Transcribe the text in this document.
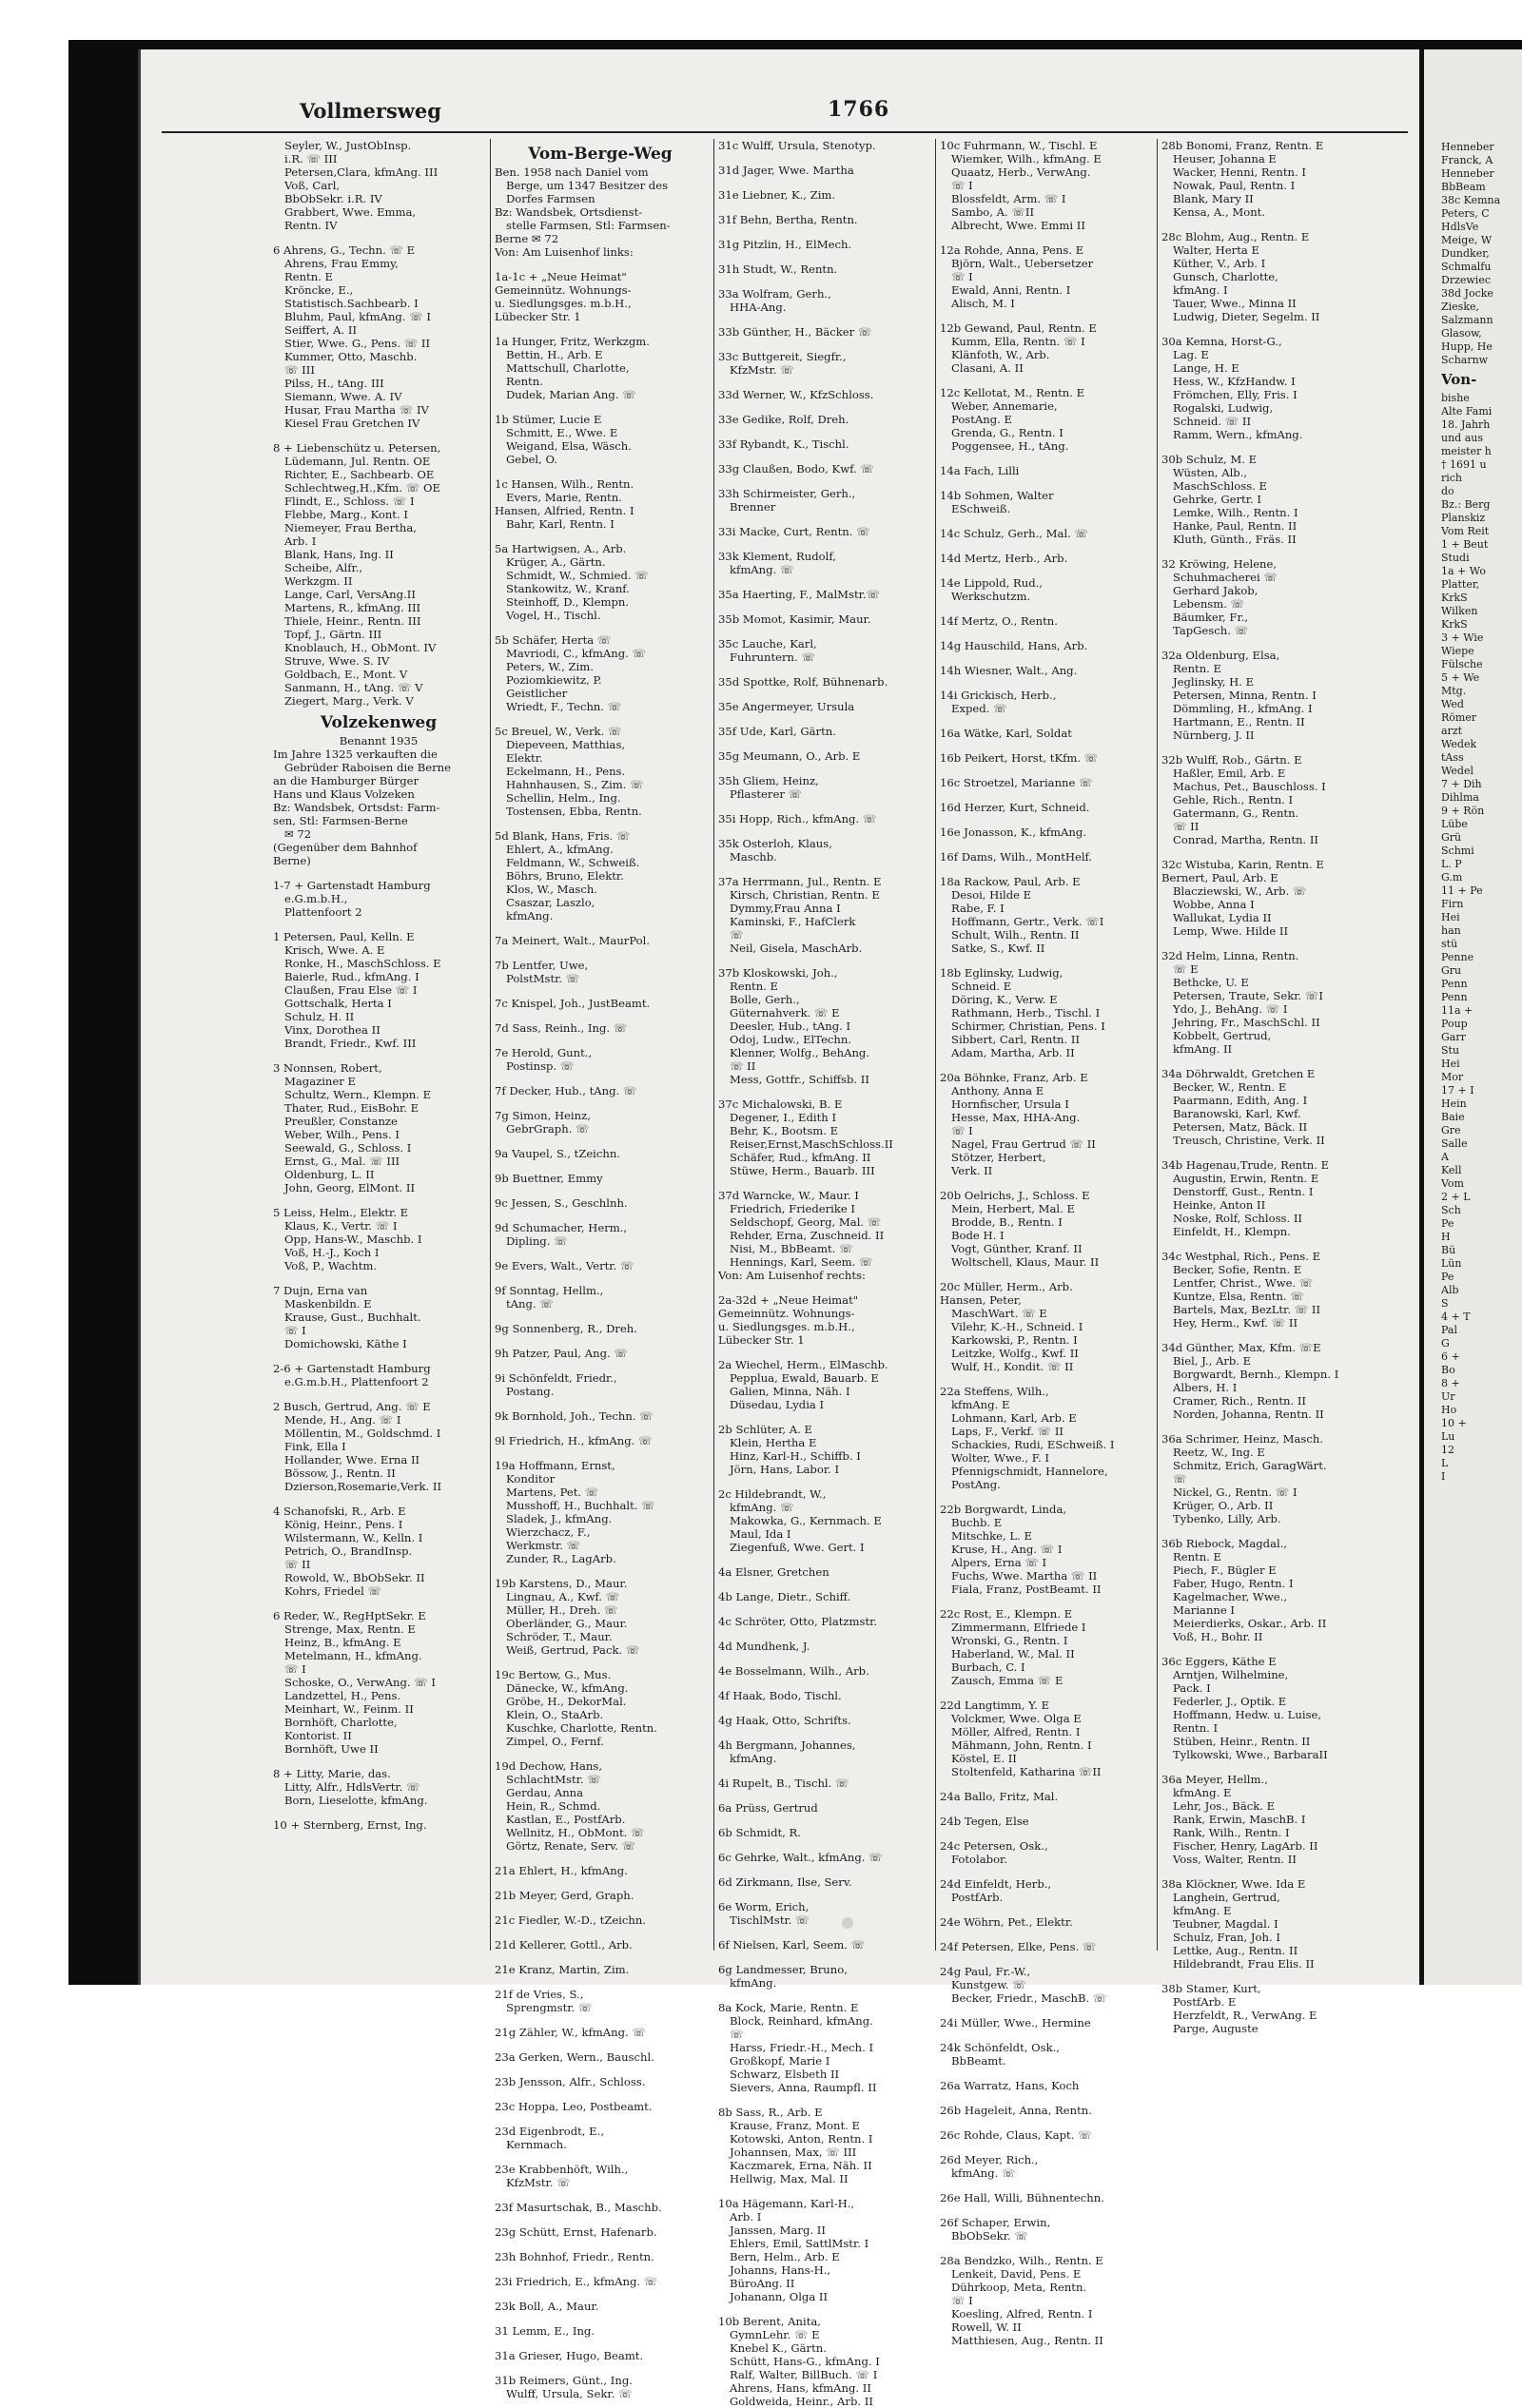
Vollmersweg	1766
Seyler, W., JustObInsp.
i.R. ☏ III
Petersen,Clara, kfmAng. III
Voß, Carl,
BbObSekr. i.R. IV
Grabbert, Wwe. Emma,
Rentn. IV
6 Ahrens, G., Techn. ☏ E
Ahrens, Frau Emmy,
Rentn. E
Kröncke, E.,
Statistisch.Sachbearb. I
Bluhm, Paul, kfmAng. ☏ I
Seiffert, A. II
Stier, Wwe. G., Pens. ☏ II
Kummer, Otto, Maschb.
☏ III
Pilss, H., tAng. III
Siemann, Wwe. A. IV
Husar, Frau Martha ☏ IV
Kiesel Frau Gretchen IV
8 + Liebenschütz u. Petersen,
Lüdemann, Jul. Rentn. OE
Richter, E., Sachbearb. OE
Schlechtweg,H.,Kfm. ☏ OE
Flindt, E., Schloss. ☏ I
Flebbe, Marg., Kont. I
Niemeyer, Frau Bertha,
Arb. I
Blank, Hans, Ing. II
Scheibe, Alfr.,
Werkzgm. II
Lange, Carl, VersAng.II
Martens, R., kfmAng. III
Thiele, Heinr., Rentn. III
Topf, J., Gärtn. III
Knoblauch, H., ObMont. IV
Struve, Wwe. S. IV
Goldbach, E., Mont. V
Sanmann, H., tAng. ☏ V
Ziegert, Marg., Verk. V
Volzekenweg
Benannt 1935
Im Jahre 1325 verkauften die
Gebrüder Raboisen die Berne
an die Hamburger Bürger
Hans und Klaus Volzeken
Bz: Wandsbek, Ortsdst: Farm-
sen, Stl: Farmsen-Berne
✉ 72
(Gegenüber dem Bahnhof
Berne)
1-7 + Gartenstadt Hamburg
e.G.m.b.H.,
Plattenfoort 2
1 Petersen, Paul, Kelln. E
Krisch, Wwe. A. E
Ronke, H., MaschSchloss. E
Baierle, Rud., kfmAng. I
Claußen, Frau Else ☏ I
Gottschalk, Herta I
Schulz, H. II
Vinx, Dorothea II
Brandt, Friedr., Kwf. III
3 Nonnsen, Robert,
Magaziner E
Schultz, Wern., Klempn. E
Thater, Rud., EisBohr. E
Preußler, Constanze
Weber, Wilh., Pens. I
Seewald, G., Schloss. I
Ernst, G., Mal. ☏ III
Oldenburg, L. II
John, Georg, ElMont. II
5 Leiss, Helm., Elektr. E
Klaus, K., Vertr. ☏ I
Opp, Hans-W., Maschb. I
Voß, H.-J., Koch I
Voß, P., Wachtm.
7 Dujn, Erna van
Maskenbildn. E
Krause, Gust., Buchhalt.
☏ I
Domichowski, Käthe I
2-6 + Gartenstadt Hamburg
e.G.m.b.H., Plattenfoort 2
2 Busch, Gertrud, Ang. ☏ E
Mende, H., Ang. ☏ I
Möllentin, M., Goldschmd. I
Fink, Ella I
Hollander, Wwe. Erna II
Bössow, J., Rentn. II
Dzierson,Rosemarie,Verk. II
4 Schanofski, R., Arb. E
König, Heinr., Pens. I
Wilstermann, W., Kelln. I
Petrich, O., BrandInsp.
☏ II
Rowold, W., BbObSekr. II
Kohrs, Friedel ☏
6 Reder, W., RegHptSekr. E
Strenge, Max, Rentn. E
Heinz, B., kfmAng. E
Metelmann, H., kfmAng.
☏ I
Schoske, O., VerwAng. ☏ I
Landzettel, H., Pens.
Meinhart, W., Feinm. II
Bornhöft, Charlotte,
Kontorist. II
Bornhöft, Uwe II
8 + Litty, Marie, das.
Litty, Alfr., HdlsVertr. ☏
Born, Lieselotte, kfmAng.
10 + Sternberg, Ernst, Ing.
Vom-Berge-Weg
Ben. 1958 nach Daniel vom
Berge, um 1347 Besitzer des
Dorfes Farmsen
Bz: Wandsbek, Ortsdienst-
stelle Farmsen, Stl: Farmsen-
Berne ✉ 72
Von: Am Luisenhof links:
1a-1c + „Neue Heimat"
Gemeinnütz. Wohnungs-
u. Siedlungsges. m.b.H.,
Lübecker Str. 1
1a Hunger, Fritz, Werkzgm.
Bettin, H., Arb. E
Mattschull, Charlotte,
Rentn.
Dudek, Marian Ang. ☏
1b Stümer, Lucie E
Schmitt, E., Wwe. E
Weigand, Elsa, Wäsch.
Gebel, O.
1c Hansen, Wilh., Rentn.
Evers, Marie, Rentn.
Hansen, Alfried, Rentn. I
Bahr, Karl, Rentn. I
5a Hartwigsen, A., Arb.
Krüger, A., Gärtn.
Schmidt, W., Schmied. ☏
Stankowitz, W., Kranf.
Steinhoff, D., Klempn.
Vogel, H., Tischl.
5b Schäfer, Herta ☏
Mavriodi, C., kfmAng. ☏
Peters, W., Zim.
Poziomkiewitz, P.
Geistlicher
Wriedt, F., Techn. ☏
5c Breuel, W., Verk. ☏
Diepeveen, Matthias,
Elektr.
Eckelmann, H., Pens.
Hahnhausen, S., Zim. ☏
Schellin, Helm., Ing.
Tostensen, Ebba, Rentn.
5d Blank, Hans, Fris. ☏
Ehlert, A., kfmAng.
Feldmann, W., Schweiß.
Böhrs, Bruno, Elektr.
Klos, W., Masch.
Csaszar, Laszlo,
kfmAng.
7a Meinert, Walt., MaurPol.
7b Lentfer, Uwe,
PolstMstr. ☏
7c Knispel, Joh., JustBeamt.
7d Sass, Reinh., Ing. ☏
7e Herold, Gunt.,
Postinsp. ☏
7f Decker, Hub., tAng. ☏
7g Simon, Heinz,
GebrGraph. ☏
9a Vaupel, S., tZeichn.
9b Buettner, Emmy
9c Jessen, S., Geschlnh.
9d Schumacher, Herm.,
Dipling. ☏
9e Evers, Walt., Vertr. ☏
9f Sonntag, Hellm.,
tAng. ☏
9g Sonnenberg, R., Dreh.
9h Patzer, Paul, Ang. ☏
9i Schönfeldt, Friedr.,
Postang.
9k Bornhold, Joh., Techn. ☏
9l Friedrich, H., kfmAng. ☏
19a Hoffmann, Ernst,
Konditor
Martens, Pet. ☏
Musshoff, H., Buchhalt. ☏
Sladek, J., kfmAng.
Wierzchacz, F.,
Werkmstr. ☏
Zunder, R., LagArb.
19b Karstens, D., Maur.
Lingnau, A., Kwf. ☏
Müller, H., Dreh. ☏
Oberländer, G., Maur.
Schröder, T., Maur.
Weiß, Gertrud, Pack. ☏
19c Bertow, G., Mus.
Dänecke, W., kfmAng.
Gröbe, H., DekorMal.
Klein, O., StaArb.
Kuschke, Charlotte, Rentn.
Zimpel, O., Fernf.
19d Dechow, Hans,
SchlachtMstr. ☏
Gerdau, Anna
Hein, R., Schmd.
Kastlan, E., PostfArb.
Wellnitz, H., ObMont. ☏
Görtz, Renate, Serv. ☏
21a Ehlert, H., kfmAng.
21b Meyer, Gerd, Graph.
21c Fiedler, W.-D., tZeichn.
21d Kellerer, Gottl., Arb.
21e Kranz, Martin, Zim.
21f de Vries, S.,
Sprengmstr. ☏
21g Zähler, W., kfmAng. ☏
23a Gerken, Wern., Bauschl.
23b Jensson, Alfr., Schloss.
23c Hoppa, Leo, Postbeamt.
23d Eigenbrodt, E.,
Kernmach.
23e Krabbenhöft, Wilh.,
KfzMstr. ☏
23f Masurtschak, B., Maschb.
23g Schütt, Ernst, Hafenarb.
23h Bohnhof, Friedr., Rentn.
23i Friedrich, E., kfmAng. ☏
23k Boll, A., Maur.
31 Lemm, E., Ing.
31a Grieser, Hugo, Beamt.
31b Reimers, Günt., Ing.
Wulff, Ursula, Sekr. ☏
31c Wulff, Ursula, Stenotyp.
31d Jager, Wwe. Martha
31e Liebner, K., Zim.
31f Behn, Bertha, Rentn.
31g Pitzlin, H., ElMech.
31h Studt, W., Rentn.
33a Wolfram, Gerh.,
HHA-Ang.
33b Günther, H., Bäcker ☏
33c Buttgereit, Siegfr.,
KfzMstr. ☏
33d Werner, W., KfzSchloss.
33e Gedike, Rolf, Dreh.
33f Rybandt, K., Tischl.
33g Claußen, Bodo, Kwf. ☏
33h Schirmeister, Gerh.,
Brenner
33i Macke, Curt, Rentn. ☏
33k Klement, Rudolf,
kfmAng. ☏
35a Haerting, F., MalMstr.☏
35b Momot, Kasimir, Maur.
35c Lauche, Karl,
Fuhruntern. ☏
35d Spottke, Rolf, Bühnenarb.
35e Angermeyer, Ursula
35f Ude, Karl, Gärtn.
35g Meumann, O., Arb. E
35h Gliem, Heinz,
Pflasterer ☏
35i Hopp, Rich., kfmAng. ☏
35k Osterloh, Klaus,
Maschb.
37a Herrmann, Jul., Rentn. E
Kirsch, Christian, Rentn. E
Dymmy,Frau Anna I
Kaminski, F., HafClerk
☏
Neil, Gisela, MaschArb.
37b Kloskowski, Joh.,
Rentn. E
Bolle, Gerh.,
Güternahverk. ☏ E
Deesler, Hub., tAng. I
Odoj, Ludw., ElTechn.
Klenner, Wolfg., BehAng.
☏ II
Mess, Gottfr., Schiffsb. II
37c Michalowski, B. E
Degener, I., Edith I
Behr, K., Bootsm. E
Reiser,Ernst,MaschSchloss.II
Schäfer, Rud., kfmAng. II
Stüwe, Herm., Bauarb. III
37d Warncke, W., Maur. I
Friedrich, Friederike I
Seldschopf, Georg, Mal. ☏
Rehder, Erna, Zuschneid. II
Nisi, M., BbBeamt. ☏
Hennings, Karl, Seem. ☏
Von: Am Luisenhof rechts:
2a-32d + „Neue Heimat"
Gemeinnütz. Wohnungs-
u. Siedlungsges. m.b.H.,
Lübecker Str. 1
2a Wiechel, Herm., ElMaschb.
Pepplua, Ewald, Bauarb. E
Galien, Minna, Näh. I
Düsedau, Lydia I
2b Schlüter, A. E
Klein, Hertha E
Hinz, Karl-H., Schiffb. I
Jörn, Hans, Labor. I
2c Hildebrandt, W.,
kfmAng. ☏
Makowka, G., Kernmach. E
Maul, Ida I
Ziegenfuß, Wwe. Gert. I
4a Elsner, Gretchen
4b Lange, Dietr., Schiff.
4c Schröter, Otto, Platzmstr.
4d Mundhenk, J.
4e Bosselmann, Wilh., Arb.
4f Haak, Bodo, Tischl.
4g Haak, Otto, Schrifts.
4h Bergmann, Johannes,
kfmAng.
4i Rupelt, B., Tischl. ☏
6a Prüss, Gertrud
6b Schmidt, R.
6c Gehrke, Walt., kfmAng. ☏
6d Zirkmann, Ilse, Serv.
6e Worm, Erich,
TischlMstr. ☏
6f Nielsen, Karl, Seem. ☏
6g Landmesser, Bruno,
kfmAng.
8a Kock, Marie, Rentn. E
Block, Reinhard, kfmAng.
☏
Harss, Friedr.-H., Mech. I
Großkopf, Marie I
Schwarz, Elsbeth II
Sievers, Anna, Raumpfl. II
8b Sass, R., Arb. E
Krause, Franz, Mont. E
Kotowski, Anton, Rentn. I
Johannsen, Max, ☏ III
Kaczmarek, Erna, Näh. II
Hellwig, Max, Mal. II
10a Hägemann, Karl-H.,
Arb. I
Janssen, Marg. II
Ehlers, Emil, SattlMstr. I
Bern, Helm., Arb. E
Johanns, Hans-H.,
BüroAng. II
Johanann, Olga II
10b Berent, Anita,
GymnLehr. ☏ E
Knebel K., Gärtn.
Schütt, Hans-G., kfmAng. I
Ralf, Walter, BillBuch. ☏ I
Ahrens, Hans, kfmAng. II
Goldweida, Heinr., Arb. II
10c Fuhrmann, W., Tischl. E
Wiemker, Wilh., kfmAng. E
Quaatz, Herb., VerwAng.
☏ I
Blossfeldt, Arm. ☏ I
Sambo, A. ☏II
Albrecht, Wwe. Emmi II
12a Rohde, Anna, Pens. E
Björn, Walt., Uebersetzer
☏ I
Ewald, Anni, Rentn. I
Alisch, M. I
12b Gewand, Paul, Rentn. E
Kumm, Ella, Rentn. ☏ I
Klänfoth, W., Arb.
Clasani, A. II
12c Kellotat, M., Rentn. E
Weber, Annemarie,
PostAng. E
Grenda, G., Rentn. I
Poggensee, H., tAng.
14a Fach, Lilli
14b Sohmen, Walter
ESchweiß.
14c Schulz, Gerh., Mal. ☏
14d Mertz, Herb., Arb.
14e Lippold, Rud.,
Werkschutzm.
14f Mertz, O., Rentn.
14g Hauschild, Hans, Arb.
14h Wiesner, Walt., Ang.
14i Grickisch, Herb.,
Exped. ☏
16a Wätke, Karl, Soldat
16b Peikert, Horst, tKfm. ☏
16c Stroetzel, Marianne ☏
16d Herzer, Kurt, Schneid.
16e Jonasson, K., kfmAng.
16f Dams, Wilh., MontHelf.
18a Rackow, Paul, Arb. E
Desoi, Hilde E
Rabe, F. I
Hoffmann, Gertr., Verk. ☏I
Schult, Wilh., Rentn. II
Satke, S., Kwf. II
18b Eglinsky, Ludwig,
Schneid. E
Döring, K., Verw. E
Rathmann, Herb., Tischl. I
Schirmer, Christian, Pens. I
Sibbert, Carl, Rentn. II
Adam, Martha, Arb. II
20a Böhnke, Franz, Arb. E
Anthony, Anna E
Hornfischer, Ursula I
Hesse, Max, HHA-Ang.
☏ I
Nagel, Frau Gertrud ☏ II
Stötzer, Herbert,
Verk. II
20b Oelrichs, J., Schloss. E
Mein, Herbert, Mal. E
Brodde, B., Rentn. I
Bode H. I
Vogt, Günther, Kranf. II
Woltschell, Klaus, Maur. II
20c Müller, Herm., Arb.
Hansen, Peter,
MaschWart. ☏ E
Vilehr, K.-H., Schneid. I
Karkowski, P., Rentn. I
Leitzke, Wolfg., Kwf. II
Wulf, H., Kondit. ☏ II
22a Steffens, Wilh.,
kfmAng. E
Lohmann, Karl, Arb. E
Laps, F., Verkf. ☏ II
Schackies, Rudi, ESchweiß. I
Wolter, Wwe., F. I
Pfennigschmidt, Hannelore,
PostAng.
22b Borgwardt, Linda,
Buchb. E
Mitschke, L. E
Kruse, H., Ang. ☏ I
Alpers, Erna ☏ I
Fuchs, Wwe. Martha ☏ II
Fiala, Franz, PostBeamt. II
22c Rost, E., Klempn. E
Zimmermann, Elfriede I
Wronski, G., Rentn. I
Haberland, W., Mal. II
Burbach, C. I
Zausch, Emma ☏ E
22d Langtimm, Y. E
Volckmer, Wwe. Olga E
Möller, Alfred, Rentn. I
Mähmann, John, Rentn. I
Köstel, E. II
Stoltenfeld, Katharina ☏II
24a Ballo, Fritz, Mal.
24b Tegen, Else
24c Petersen, Osk.,
Fotolabor.
24d Einfeldt, Herb.,
PostfArb.
24e Wöhrn, Pet., Elektr.
24f Petersen, Elke, Pens. ☏
24g Paul, Fr.-W.,
Kunstgew. ☏
Becker, Friedr., MaschB. ☏
24i Müller, Wwe., Hermine
24k Schönfeldt, Osk.,
BbBeamt.
26a Warratz, Hans, Koch
26b Hageleit, Anna, Rentn.
26c Rohde, Claus, Kapt. ☏
26d Meyer, Rich.,
kfmAng. ☏
26e Hall, Willi, Bühnentechn.
26f Schaper, Erwin,
BbObSekr. ☏
28a Bendzko, Wilh., Rentn. E
Lenkeit, David, Pens. E
Dührkoop, Meta, Rentn.
☏ I
Koesling, Alfred, Rentn. I
Rowell, W. II
Matthiesen, Aug., Rentn. II
28b Bonomi, Franz, Rentn. E
Heuser, Johanna E
Wacker, Henni, Rentn. I
Nowak, Paul, Rentn. I
Blank, Mary II
Kensa, A., Mont.
28c Blohm, Aug., Rentn. E
Walter, Herta E
Küther, V., Arb. I
Gunsch, Charlotte,
kfmAng. I
Tauer, Wwe., Minna II
Ludwig, Dieter, Segelm. II
30a Kemna, Horst-G.,
Lag. E
Lange, H. E
Hess, W., KfzHandw. I
Frömchen, Elly, Fris. I
Rogalski, Ludwig,
Schneid. ☏ II
Ramm, Wern., kfmAng.
30b Schulz, M. E
Wüsten, Alb.,
MaschSchloss. E
Gehrke, Gertr. I
Lemke, Wilh., Rentn. I
Hanke, Paul, Rentn. II
Kluth, Günth., Fräs. II
32 Kröwing, Helene,
Schuhmacherei ☏
Gerhard Jakob,
Lebensm. ☏
Bäumker, Fr.,
TapGesch. ☏
32a Oldenburg, Elsa,
Rentn. E
Jeglinsky, H. E
Petersen, Minna, Rentn. I
Dömmling, H., kfmAng. I
Hartmann, E., Rentn. II
Nürnberg, J. II
32b Wulff, Rob., Gärtn. E
Haßler, Emil, Arb. E
Machus, Pet., Bauschloss. I
Gehle, Rich., Rentn. I
Gatermann, G., Rentn.
☏ II
Conrad, Martha, Rentn. II
32c Wistuba, Karin, Rentn. E
Bernert, Paul, Arb. E
Blacziewski, W., Arb. ☏
Wobbe, Anna I
Wallukat, Lydia II
Lemp, Wwe. Hilde II
32d Helm, Linna, Rentn.
☏ E
Bethcke, U. E
Petersen, Traute, Sekr. ☏I
Ydo, J., BehAng. ☏ I
Jehring, Fr., MaschSchl. II
Kobbelt, Gertrud,
kfmAng. II
34a Döhrwaldt, Gretchen E
Becker, W., Rentn. E
Paarmann, Edith, Ang. I
Baranowski, Karl, Kwf.
Petersen, Matz, Bäck. II
Treusch, Christine, Verk. II
34b Hagenau,Trude, Rentn. E
Augustin, Erwin, Rentn. E
Denstorff, Gust., Rentn. I
Heinke, Anton II
Noske, Rolf, Schloss. II
Einfeldt, H., Klempn.
34c Westphal, Rich., Pens. E
Becker, Sofie, Rentn. E
Lentfer, Christ., Wwe. ☏
Kuntze, Elsa, Rentn. ☏
Bartels, Max, BezLtr. ☏ II
Hey, Herm., Kwf. ☏ II
34d Günther, Max, Kfm. ☏E
Biel, J., Arb. E
Borgwardt, Bernh., Klempn. I
Albers, H. I
Cramer, Rich., Rentn. II
Norden, Johanna, Rentn. II
36a Schrimer, Heinz, Masch.
Reetz, W., Ing. E
Schmitz, Erich, GaragWärt.
☏
Nickel, G., Rentn. ☏ I
Krüger, O., Arb. II
Tybenko, Lilly, Arb.
36b Riebock, Magdal.,
Rentn. E
Piech, F., Bügler E
Faber, Hugo, Rentn. I
Kagelmacher, Wwe.,
Marianne I
Meierdierks, Oskar., Arb. II
Voß, H., Bohr. II
36c Eggers, Käthe E
Arntjen, Wilhelmine,
Pack. I
Federler, J., Optik. E
Hoffmann, Hedw. u. Luise,
Rentn. I
Stüben, Heinr., Rentn. II
Tylkowski, Wwe., BarbaraII
36a Meyer, Hellm.,
kfmAng. E
Lehr, Jos., Bäck. E
Rank, Erwin, MaschB. I
Rank, Wilh., Rentn. I
Fischer, Henry, LagArb. II
Voss, Walter, Rentn. II
38a Klöckner, Wwe. Ida E
Langhein, Gertrud,
kfmAng. E
Teubner, Magdal. I
Schulz, Fran, Joh. I
Lettke, Aug., Rentn. II
Hildebrandt, Frau Elis. II
38b Stamer, Kurt,
PostfArb. E
Herzfeldt, R., VerwAng. E
Parge, Auguste
Henneber
Franck, A
Henneber
BbBeam
38c Kemna
Peters, C
HdlsVe
Meige, W
Dundker,
Schmalfu
Drzewiec
38d Jocke
Zieske,
Salzmann
Glasow,
Hupp, He
Scharnw
Von-
bishe
Alte Fami
18. Jahrh
und aus
meister h
† 1691 u
rich
do
Bz.: Berg
Planskiz
Vom Reit
1 + Beut
Studi
1a + Wo
Platter,
KrkS
Wilken
KrkS
3 + Wie
Wiepe
Fülsche
5 + We
Mtg.
Wed
Römer
arzt
Wedek
tAss
Wedel
7 + Dih
Dihlma
9 + Rön
Lübe
Grü
Schmi
L. P
G.m
11 + Pe
Firn
Hei
han
stü
Penne
Gru
Penn
Penn
11a +
Poup
Garr
Stu
Hei
Mor
17 + I
Hein
Baie
Gre
Salle
A
Kell
Vom
2 + L
Sch
Pe
H
Bü
Lün
Pe
Alb
S
4 + T
Pal
G
6 +
Bo
8 +
Ur
Ho
10 +
Lu
12
L
I
